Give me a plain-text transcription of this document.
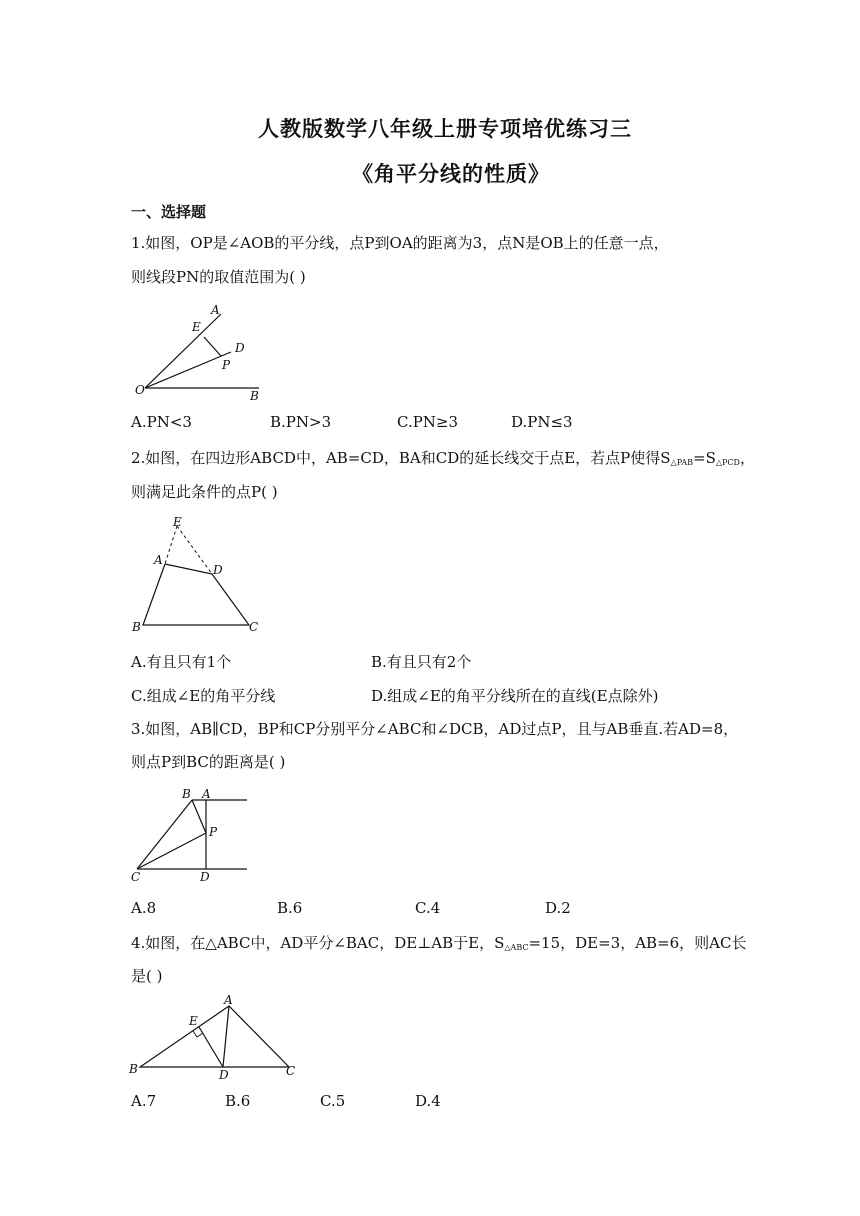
人教版数学八年级上册专项培优练习三
《角平分线的性质》
一、选择题
1.如图，OP是∠AOB的平分线，点P到OA的距离为3，点N是OB上的任意一点，
则线段PN的取值范围为( )
A
E
D
P
O	B
A.PN<3	B.PN>3	C.PN≥3	D.PN≤3
2.如图，在四边形ABCD中，AB=CD，BA和CD的延长线交于点E，若点P使得$S_{\triangle PAB}=S_{\triangle PCD}$，
则满足此条件的点P( )
E
A
D
B	C
A.有且只有1个	B.有且只有2个
C.组成∠E的角平分线	D.组成∠E的角平分线所在的直线(E点除外)
3.如图，AB∥CD，BP和CP分别平分∠ABC和∠DCB，AD过点P，且与AB垂直.若AD=8，
则点P到BC的距离是( )
B A
P
C	D
A.8	B.6	C.4	D.2
4.如图，在△ABC中，AD平分∠BAC，DE⊥AB于E，$S_{\triangle ABC}=15$，DE=3，AB=6，则AC长
是( )
A
E
B	D	C
A.7	B.6	C.5	D.4
